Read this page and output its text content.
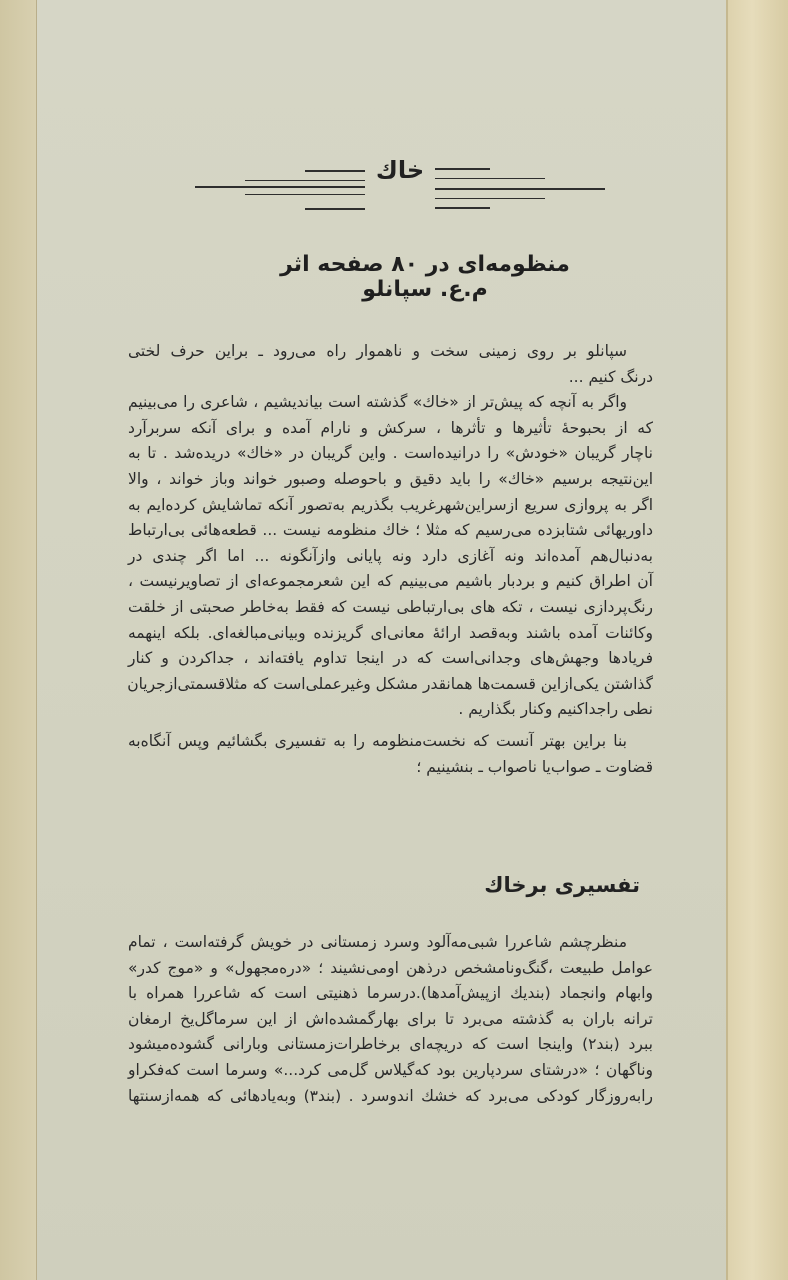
خاك
منظومه‌ای در ۸۰ صفحه اثر م.ع. سپانلو
سپانلو بر روی زمینی سخت و ناهموار راه می‌رود ـ براین حرف لختی
درنگ کنیم ...
واگر به آنچه که پیش‌تر از «خاك» گذشته است بیاندیشیم ، شاعری را می‌بینیم
که از بحبوحهٔ تأثیرها و تأثرها ، سرکش و نارام آمده و برای آنکه سربرآرد
ناچار گریبان «خودش» را درانیده‌است . واین گریبان در «خاك» دریده‌شد . تا به
این‌نتیجه برسیم «خاك» را باید دقیق و باحوصله وصبور خواند وباز خواند ، والا
اگر به پروازی سریع ازسراین‌شهرغریب بگذریم به‌تصور آنکه تماشایش کرده‌ایم به
داوریهائی شتابزده می‌رسیم که مثلا ؛ خاك منظومه نیست ... قطعه‌هائی بی‌ارتباط
به‌دنبال‌هم آمده‌اند ونه آغازی دارد ونه پایانی وازآنگونه ... اما اگر چندی در
آن اطراق کنیم و بردبار باشیم می‌بینیم که این شعرمجموعه‌ای از تصاویرنیست ،
رنگ‌پردازی نیست ، تکه های بی‌ارتباطی نیست که فقط به‌خاطر صحبتی از خلقت
وکائنات آمده باشند وبه‌قصد ارائهٔ معانی‌ای گریزنده وبیانی‌مبالغه‌ای. بلکه اینهمه
فریادها وجهش‌های وجدانی‌است که در اینجا تداوم یافته‌اند ، جداکردن و کنار
گذاشتن یکی‌ازاین قسمت‌ها همانقدر مشکل وغیرعملی‌است که مثلاقسمتی‌ازجریان
نطی راجداکنیم وکنار بگذاریم .
بنا براین بهتر آنست که نخست‌منظومه را به تفسیری بگشائیم وپس آنگاه‌به
قضاوت ـ صواب‌یا ناصواب ـ بنشینیم ؛
تفسیری برخاك
منظرچشم شاعررا شبی‌مه‌آلود وسرد زمستانی در خویش گرفته‌است ، تمام
عوامل طبیعت ،گنگ‌ونامشخص درذهن اومی‌نشیند ؛ «دره‌مجهول» و «موج کدر»
وابهام وانجماد (بندیك ازپیش‌آمدها).درسرما ذهنیتی است که شاعررا همراه با
ترانه باران به گذشته می‌برد تا برای بهارگمشده‌اش از این سرماگل‌یخ ارمغان
ببرد (بند۲) واینجا است که دریچه‌ای برخاطرات‌زمستانی وبارانی گشوده‌میشود
وناگهان ؛ «درشتای سردپارین بود که‌گیلاس گل‌می کرد...» وسرما است که‌فکراو
رابه‌روزگار کودکی می‌برد که خشك اندوسرد . (بند۳) وبه‌یادهائی که همه‌ازسنتها
